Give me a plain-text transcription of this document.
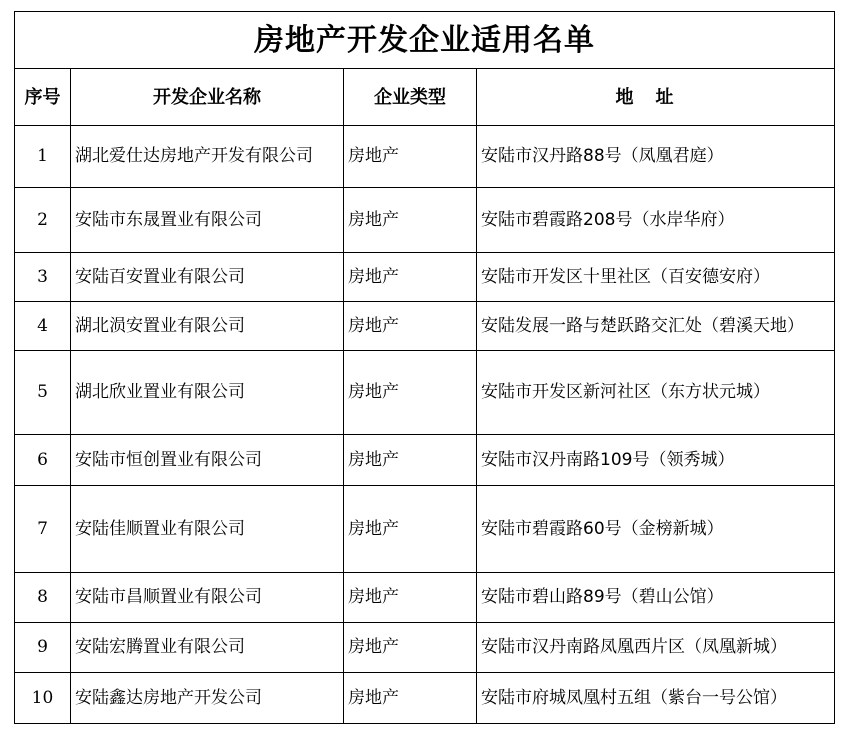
房地产开发企业适用名单			
序号	开发企业名称	企业类型	地址
1	湖北爱仕达房地产开发有限公司	房地产	安陆市汉丹路88号（凤凰君庭）
2	安陆市东晟置业有限公司	房地产	安陆市碧霞路208号（水岸华府）
3	安陆百安置业有限公司	房地产	安陆市开发区十里社区（百安德安府）
4	湖北涢安置业有限公司	房地产	安陆发展一路与楚跃路交汇处（碧溪天地）
5	湖北欣业置业有限公司	房地产	安陆市开发区新河社区（东方状元城）
6	安陆市恒创置业有限公司	房地产	安陆市汉丹南路109号（领秀城）
7	安陆佳顺置业有限公司	房地产	安陆市碧霞路60号（金榜新城）
8	安陆市昌顺置业有限公司	房地产	安陆市碧山路89号（碧山公馆）
9	安陆宏腾置业有限公司	房地产	安陆市汉丹南路凤凰西片区（凤凰新城）
10	安陆鑫达房地产开发公司	房地产	安陆市府城凤凰村五组（紫台一号公馆）
